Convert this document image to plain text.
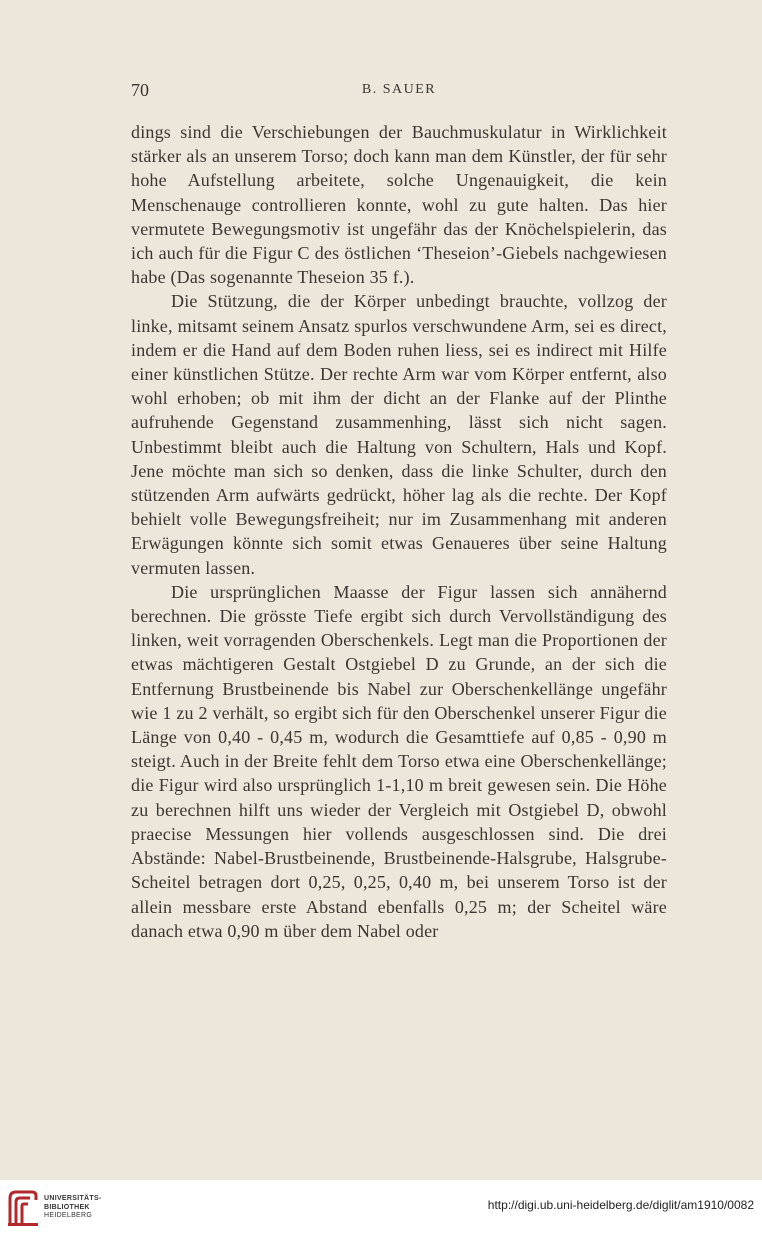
70	B. SAUER

dings sind die Verschiebungen der Bauchmuskulatur in Wirklichkeit stärker als an unserem Torso; doch kann man dem Künstler, der für sehr hohe Aufstellung arbeitete, solche Ungenauigkeit, die kein Menschenauge controllieren konnte, wohl zu gute halten. Das hier vermutete Bewegungsmotiv ist ungefähr das der Knöchelspielerin, das ich auch für die Figur C des östlichen ‘Theseion’-Giebels nachgewiesen habe (Das sogenannte Theseion 35 f.).

Die Stützung, die der Körper unbedingt brauchte, vollzog der linke, mitsamt seinem Ansatz spurlos verschwundene Arm, sei es direct, indem er die Hand auf dem Boden ruhen liess, sei es indirect mit Hilfe einer künstlichen Stütze. Der rechte Arm war vom Körper entfernt, also wohl erhoben; ob mit ihm der dicht an der Flanke auf der Plinthe aufruhende Gegenstand zusammenhing, lässt sich nicht sagen. Unbestimmt bleibt auch die Haltung von Schultern, Hals und Kopf. Jene möchte man sich so denken, dass die linke Schulter, durch den stützenden Arm aufwärts gedrückt, höher lag als die rechte. Der Kopf behielt volle Bewegungsfreiheit; nur im Zusammenhang mit anderen Erwägungen könnte sich somit etwas Genaueres über seine Haltung vermuten lassen.

Die ursprünglichen Maasse der Figur lassen sich annähernd berechnen. Die grösste Tiefe ergibt sich durch Vervollständigung des linken, weit vorragenden Oberschenkels. Legt man die Proportionen der etwas mächtigeren Gestalt Ostgiebel D zu Grunde, an der sich die Entfernung Brustbeinende bis Nabel zur Oberschenkellänge ungefähr wie 1 zu 2 verhält, so ergibt sich für den Oberschenkel unserer Figur die Länge von 0,40 - 0,45 m, wodurch die Gesamttiefe auf 0,85 - 0,90 m steigt. Auch in der Breite fehlt dem Torso etwa eine Oberschenkellänge; die Figur wird also ursprünglich 1-1,10 m breit gewesen sein. Die Höhe zu berechnen hilft uns wieder der Vergleich mit Ostgiebel D, obwohl praecise Messungen hier vollends ausgeschlossen sind. Die drei Abstände: Nabel-Brustbeinende, Brustbeinende-Halsgrube, Halsgrube-Scheitel betragen dort 0,25, 0,25, 0,40 m, bei unserem Torso ist der allein messbare erste Abstand ebenfalls 0,25 m; der Scheitel wäre danach etwa 0,90 m über dem Nabel oder

UNIVERSITÄTS-
BIBLIOTHEK
HEIDELBERG
http://digi.ub.uni-heidelberg.de/diglit/am1910/0082
